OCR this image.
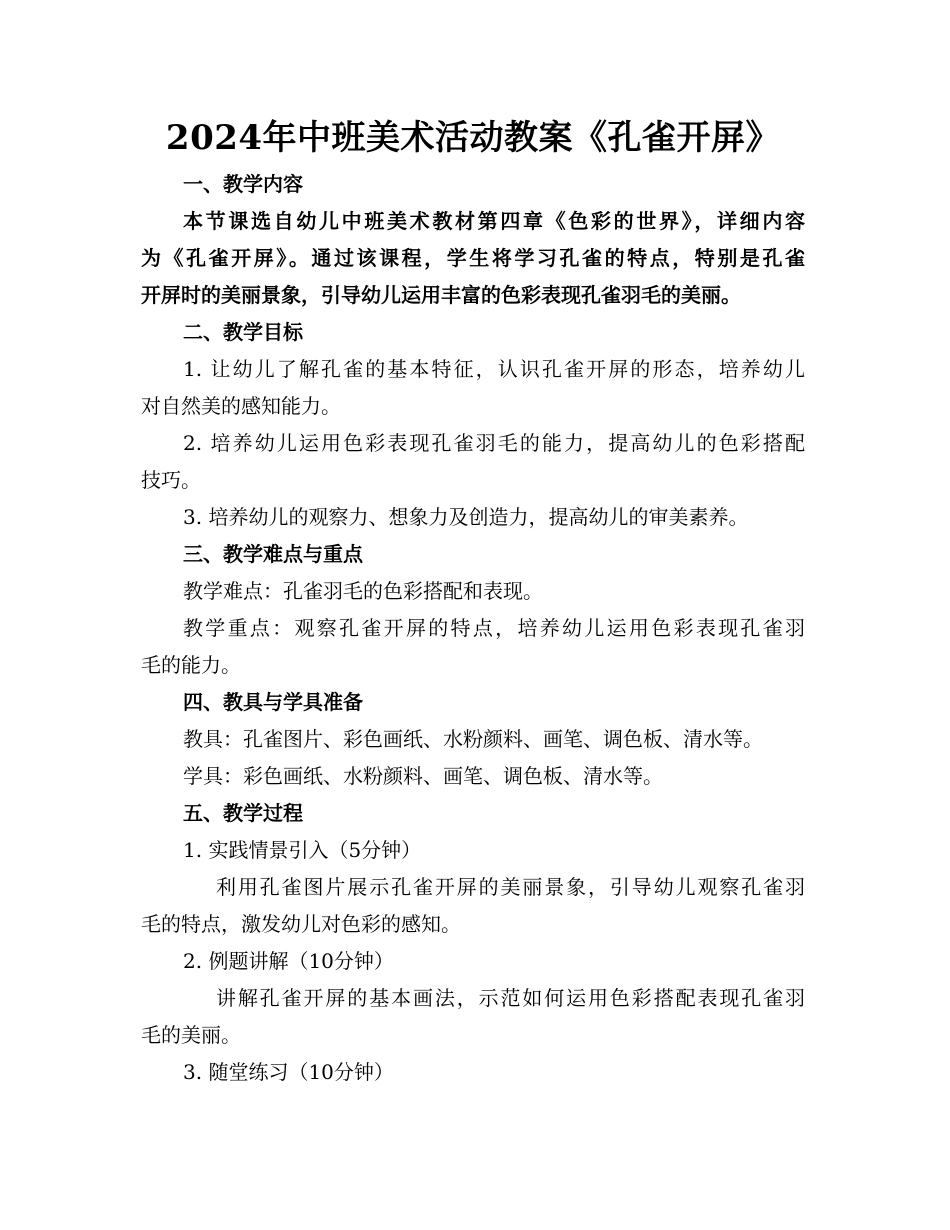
2024年中班美术活动教案《孔雀开屏》
一、教学内容
本节课选自幼儿中班美术教材第四章《色彩的世界》，详细内容
为《孔雀开屏》。通过该课程，学生将学习孔雀的特点，特别是孔雀
开屏时的美丽景象，引导幼儿运用丰富的色彩表现孔雀羽毛的美丽。
二、教学目标
1. 让幼儿了解孔雀的基本特征，认识孔雀开屏的形态，培养幼儿
对自然美的感知能力。
2. 培养幼儿运用色彩表现孔雀羽毛的能力，提高幼儿的色彩搭配
技巧。
3. 培养幼儿的观察力、想象力及创造力，提高幼儿的审美素养。
三、教学难点与重点
教学难点：孔雀羽毛的色彩搭配和表现。
教学重点：观察孔雀开屏的特点，培养幼儿运用色彩表现孔雀羽
毛的能力。
四、教具与学具准备
教具：孔雀图片、彩色画纸、水粉颜料、画笔、调色板、清水等。
学具：彩色画纸、水粉颜料、画笔、调色板、清水等。
五、教学过程
1. 实践情景引入（5分钟）
利用孔雀图片展示孔雀开屏的美丽景象，引导幼儿观察孔雀羽
毛的特点，激发幼儿对色彩的感知。
2. 例题讲解（10分钟）
讲解孔雀开屏的基本画法，示范如何运用色彩搭配表现孔雀羽
毛的美丽。
3. 随堂练习（10分钟）
